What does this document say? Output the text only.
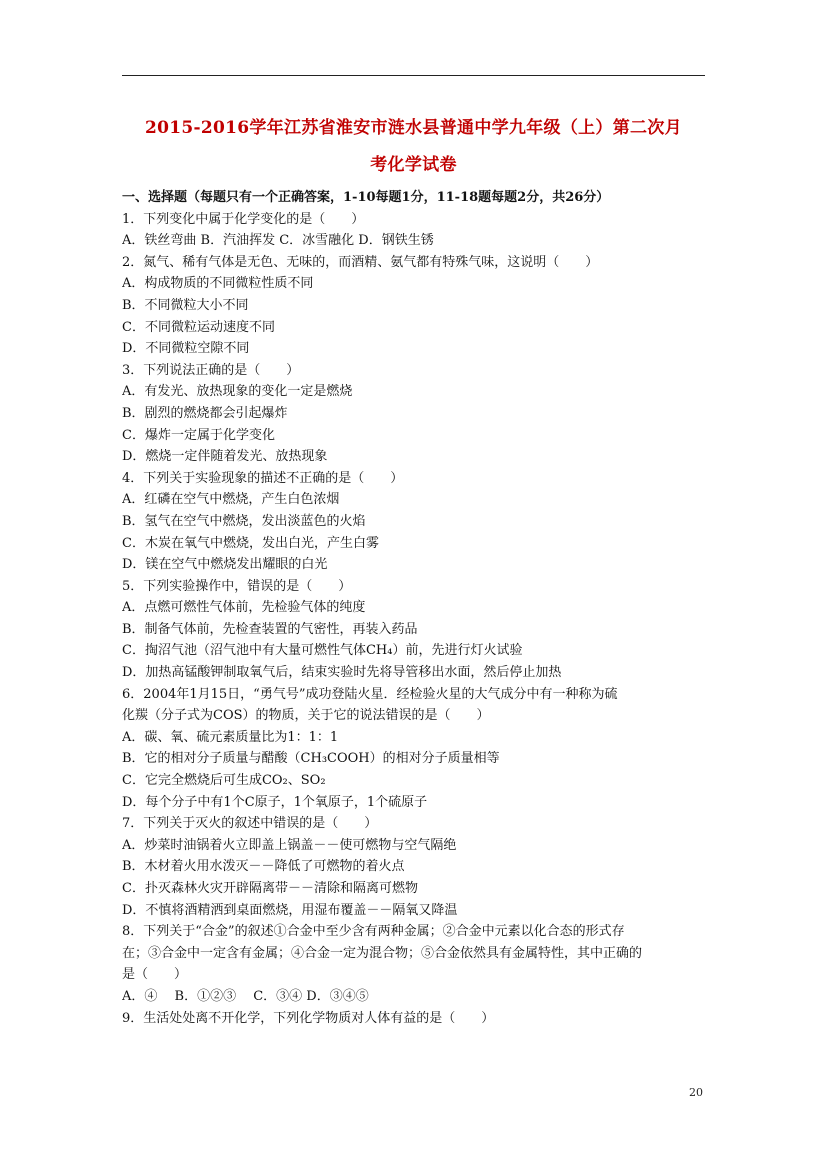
2015-2016学年江苏省淮安市涟水县普通中学九年级（上）第二次月
考化学试卷
一、选择题（每题只有一个正确答案，1-10每题1分，11-18题每题2分，共26分）
1．下列变化中属于化学变化的是（　　）
A．铁丝弯曲 B．汽油挥发 C．冰雪融化 D．钢铁生锈
2．氮气、稀有气体是无色、无味的，而酒精、氨气都有特殊气味，这说明（　　）
A．构成物质的不同微粒性质不同
B．不同微粒大小不同
C．不同微粒运动速度不同
D．不同微粒空隙不同
3．下列说法正确的是（　　）
A．有发光、放热现象的变化一定是燃烧
B．剧烈的燃烧都会引起爆炸
C．爆炸一定属于化学变化
D．燃烧一定伴随着发光、放热现象
4．下列关于实验现象的描述不正确的是（　　）
A．红磷在空气中燃烧，产生白色浓烟
B．氢气在空气中燃烧，发出淡蓝色的火焰
C．木炭在氧气中燃烧，发出白光，产生白雾
D．镁在空气中燃烧发出耀眼的白光
5．下列实验操作中，错误的是（　　）
A．点燃可燃性气体前，先检验气体的纯度
B．制备气体前，先检查装置的气密性，再装入药品
C．掏沼气池（沼气池中有大量可燃性气体CH₄）前，先进行灯火试验
D．加热高锰酸钾制取氧气后，结束实验时先将导管移出水面，然后停止加热
6．2004年1月15日，“勇气号”成功登陆火星．经检验火星的大气成分中有一种称为硫
化羰（分子式为COS）的物质，关于它的说法错误的是（　　）
A．碳、氧、硫元素质量比为1：1：1
B．它的相对分子质量与醋酸（CH₃COOH）的相对分子质量相等
C．它完全燃烧后可生成CO₂、SO₂
D．每个分子中有1个C原子，1个氧原子，1个硫原子
7．下列关于灭火的叙述中错误的是（　　）
A．炒菜时油锅着火立即盖上锅盖－－使可燃物与空气隔绝
B．木材着火用水泼灭－－降低了可燃物的着火点
C．扑灭森林火灾开辟隔离带－－清除和隔离可燃物
D．不慎将酒精洒到桌面燃烧，用湿布覆盖－－隔氧又降温
8．下列关于“合金”的叙述①合金中至少含有两种金属；②合金中元素以化合态的形式存
在；③合金中一定含有金属；④合金一定为混合物；⑤合金依然具有金属特性，其中正确的
是（　　）
A．④　 B．①②③　 C．③④ D．③④⑤
9．生活处处离不开化学，下列化学物质对人体有益的是（　　）
20
